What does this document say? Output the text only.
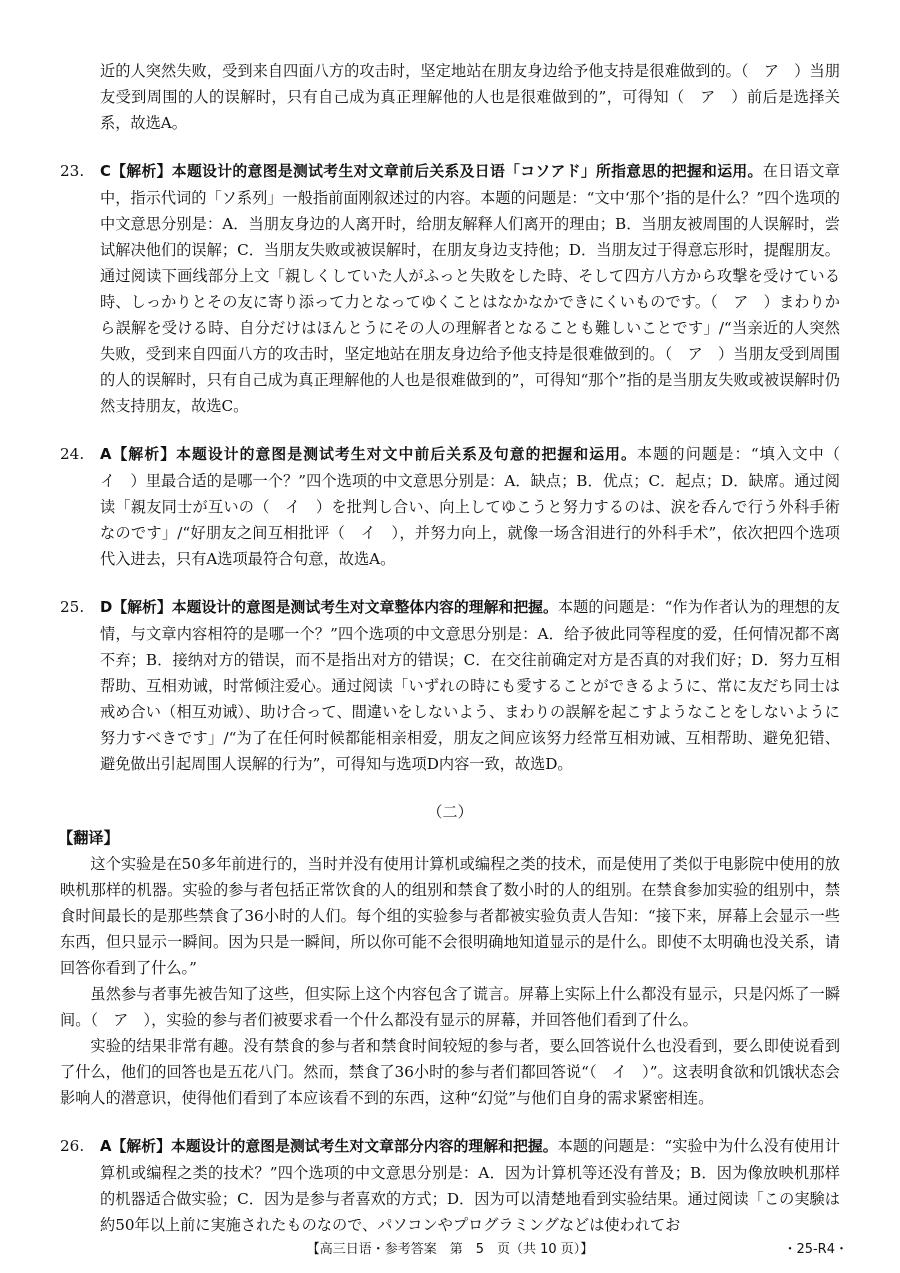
近的人突然失败，受到来自四面八方的攻击时，坚定地站在朋友身边给予他支持是很难做到的。（　ア　）当朋友受到周围的人的误解时，只有自己成为真正理解他的人也是很难做到的”，可得知（　ア　）前后是选择关系，故选A。
23. C【解析】本题设计的意图是测试考生对文章前后关系及日语「コソアド」所指意思的把握和运用。在日语文章中，指示代词的「ソ系列」一般指前面刚叙述过的内容。本题的问题是：“文中‘那个’指的是什么？”四个选项的中文意思分别是：A．当朋友身边的人离开时，给朋友解释人们离开的理由；B．当朋友被周围的人误解时，尝试解决他们的误解；C．当朋友失败或被误解时，在朋友身边支持他；D．当朋友过于得意忘形时，提醒朋友。通过阅读下画线部分上文「親しくしていた人がふっと失敗をした時、そして四方八方から攻撃を受けている時、しっかりとその友に寄り添って力となってゆくことはなかなかできにくいものです。（　ア　）まわりから誤解を受ける時、自分だけはほんとうにその人の理解者となることも難しいことです」/“当亲近的人突然失败，受到来自四面八方的攻击时，坚定地站在朋友身边给予他支持是很难做到的。（　ア　）当朋友受到周围的人的误解时，只有自己成为真正理解他的人也是很难做到的”，可得知“那个”指的是当朋友失败或被误解时仍然支持朋友，故选C。
24. A【解析】本题设计的意图是测试考生对文中前后关系及句意的把握和运用。本题的问题是：“填入文中（　イ　）里最合适的是哪一个？”四个选项的中文意思分别是：A．缺点；B．优点；C．起点；D．缺席。通过阅读「親友同士が互いの（　イ　）を批判し合い、向上してゆこうと努力するのは、涙を呑んで行う外科手術なのです」/“好朋友之间互相批评（　イ　），并努力向上，就像一场含泪进行的外科手术”，依次把四个选项代入进去，只有A选项最符合句意，故选A。
25. D【解析】本题设计的意图是测试考生对文章整体内容的理解和把握。本题的问题是：“作为作者认为的理想的友情，与文章内容相符的是哪一个？”四个选项的中文意思分别是：A．给予彼此同等程度的爱，任何情况都不离不弃；B．接纳对方的错误，而不是指出对方的错误；C．在交往前确定对方是否真的对我们好；D．努力互相帮助、互相劝诫，时常倾注爱心。通过阅读「いずれの時にも愛することができるように、常に友だち同士は戒め合い（相互劝诫）、助け合って、間違いをしないよう、まわりの誤解を起こすようなことをしないように努力すべきです」/“为了在任何时候都能相亲相爱，朋友之间应该努力经常互相劝诫、互相帮助、避免犯错、避免做出引起周围人误解的行为”，可得知与选项D内容一致，故选D。
（二）
【翻译】
这个实验是在50多年前进行的，当时并没有使用计算机或编程之类的技术，而是使用了类似于电影院中使用的放映机那样的机器。实验的参与者包括正常饮食的人的组别和禁食了数小时的人的组别。在禁食参加实验的组别中，禁食时间最长的是那些禁食了36小时的人们。每个组的实验参与者都被实验负责人告知：“接下来，屏幕上会显示一些东西，但只显示一瞬间。因为只是一瞬间，所以你可能不会很明确地知道显示的是什么。即使不太明确也没关系，请回答你看到了什么。”
虽然参与者事先被告知了这些，但实际上这个内容包含了谎言。屏幕上实际上什么都没有显示，只是闪烁了一瞬间。（　ア　），实验的参与者们被要求看一个什么都没有显示的屏幕，并回答他们看到了什么。
实验的结果非常有趣。没有禁食的参与者和禁食时间较短的参与者，要么回答说什么也没看到，要么即使说看到了什么，他们的回答也是五花八门。然而，禁食了36小时的参与者们都回答说“（　イ　）”。这表明食欲和饥饿状态会影响人的潜意识，使得他们看到了本应该看不到的东西，这种“幻觉”与他们自身的需求紧密相连。
26. A【解析】本题设计的意图是测试考生对文章部分内容的理解和把握。本题的问题是：“实验中为什么没有使用计算机或编程之类的技术？”四个选项的中文意思分别是：A．因为计算机等还没有普及；B．因为像放映机那样的机器适合做实验；C．因为是参与者喜欢的方式；D．因为可以清楚地看到实验结果。通过阅读「この実験は約50年以上前に実施されたものなので、パソコンやプログラミングなどは使われてお
【高三日语・参考答案　第　5　页（共 10 页）】	・25-R4・
